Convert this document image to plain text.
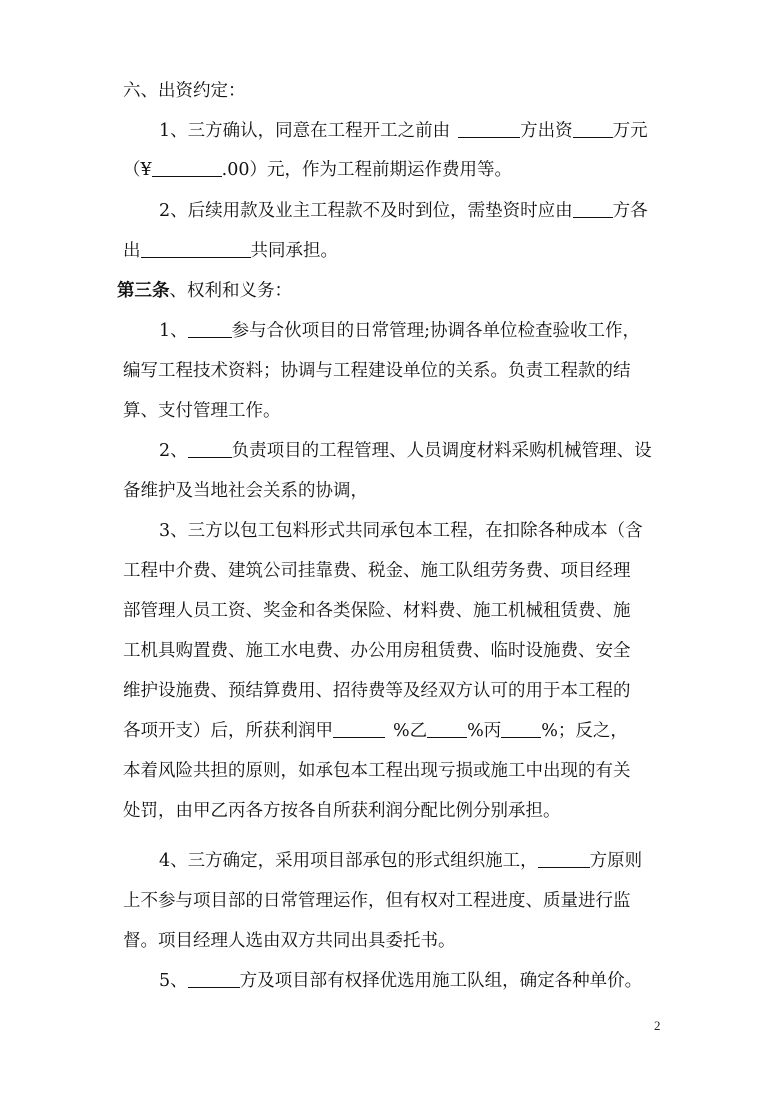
六、出资约定：
1、三方确认，同意在工程开工之前由	方出资 万元
（¥	.00）元，作为工程前期运作费用等。
2、后续用款及业主工程款不及时到位，需垫资时应由 方各
出	共同承担。
第三条、权利和义务：
1、	参与合伙项目的日常管理;协调各单位检查验收工作，
编写工程技术资料；协调与工程建设单位的关系。负责工程款的结
算、支付管理工作。
2、	负责项目的工程管理、人员调度材料采购机械管理、设
备维护及当地社会关系的协调，
3、三方以包工包料形式共同承包本工程，在扣除各种成本（含
工程中介费、建筑公司挂靠费、税金、施工队组劳务费、项目经理
部管理人员工资、奖金和各类保险、材料费、施工机械租赁费、施
工机具购置费、施工水电费、办公用房租赁费、临时设施费、安全
维护设施费、预结算费用、招待费等及经双方认可的用于本工程的
各项开支）后，所获利润甲	%乙 %丙 %；反之，
本着风险共担的原则，如承包本工程出现亏损或施工中出现的有关
处罚，由甲乙丙各方按各自所获利润分配比例分别承担。
4、三方确定，采用项目部承包的形式组织施工，	方原则
上不参与项目部的日常管理运作，但有权对工程进度、质量进行监
督。项目经理人选由双方共同出具委托书。
5、	方及项目部有权择优选用施工队组，确定各种单价。
2
